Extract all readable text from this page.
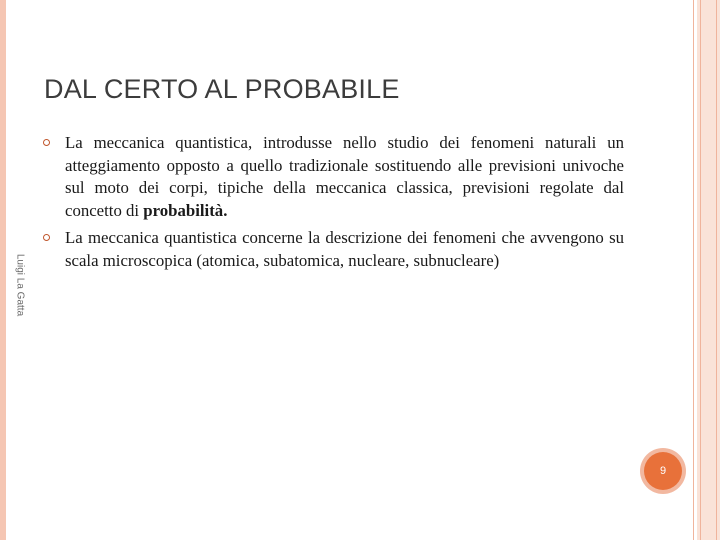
DAL CERTO AL PROBABILE
Luigi La Gatta
La meccanica quantistica, introdusse nello studio dei fenomeni naturali un atteggiamento opposto a quello tradizionale sostituendo alle previsioni univoche sul moto dei corpi, tipiche della meccanica classica, previsioni regolate dal concetto di probabilità.
La meccanica quantistica concerne la descrizione dei fenomeni che avvengono su scala microscopica (atomica, subatomica, nucleare, subnucleare)
9
